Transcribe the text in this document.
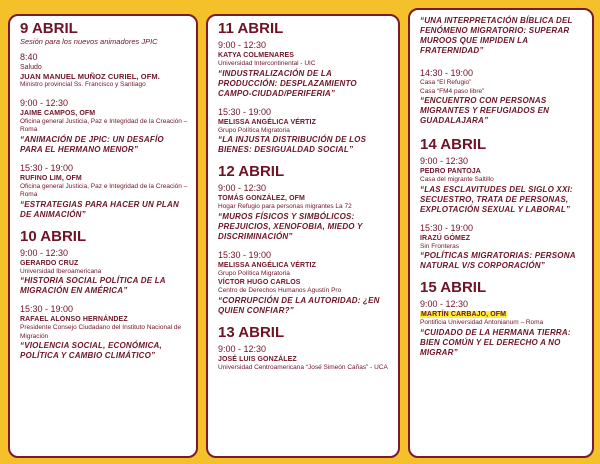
9 ABRIL
Sesión para los nuevos animadores JPIC
8:40
Saludo
JUAN MANUEL MUÑOZ CURIEL, OFM.
Ministro provincial Ss. Francisco y Santiago
9:00 - 12:30
JAIME CAMPOS, OFM
Oficina general Justicia, Paz e Integridad de la Creación – Roma
“ANIMACIÓN DE JPIC: UN DESAFÍO PARA EL HERMANO MENOR”
15:30 - 19:00
RUFINO LIM, OFM
Oficina general Justicia, Paz e Integridad de la Creación – Roma
“ESTRATEGIAS PARA HACER UN PLAN DE ANIMACIÓN”
10 ABRIL
9:00 - 12:30
GERARDO CRUZ
Universidad Iberoamericana
“HISTORIA SOCIAL POLÍTICA DE LA MIGRACIÓN EN AMÉRICA”
15:30 - 19:00
RAFAEL ALONSO HERNÁNDEZ
Presidente Consejo Ciudadano del Instituto Nacional de Migración
“VIOLENCIA SOCIAL, ECONÓMICA, POLÍTICA Y CAMBIO CLIMÁTICO”
11 ABRIL
9:00 - 12:30
KATYA COLMENARES
Universidad Intercontinental - UIC
“INDUSTRALIZACIÓN DE LA PRODUCCIÓN: DESPLAZAMIENTO CAMPO-CIUDAD/PERIFERIA”
15:30 - 19:00
MELISSA ANGÉLICA VÉRTIZ
Grupo Política Migratoria
“LA INJUSTA DISTRIBUCIÓN DE LOS BIENES: DESIGUALDAD SOCIAL”
12 ABRIL
9:00 - 12:30
TOMÁS GONZÁLEZ, OFM
Hogar Refugio para personas migrantes La 72
“MUROS FÍSICOS Y SIMBÓLICOS: PREJUICIOS, XENOFOBIA, MIEDO Y DISCRIMINACIÓN”
15:30 - 19:00
MELISSA ANGÉLICA VÉRTIZ
Grupo Política Migratoria
VÍCTOR HUGO CARLOS
Centro de Derechos Humanos Agustín Pro
“CORRUPCIÓN DE LA AUTORIDAD: ¿EN QUIEN CONFIAR?”
13 ABRIL
9:00 - 12:30
JOSÉ LUIS GONZÁLEZ
Universidad Centroamericana “José Simeón Cañas” - UCA
“UNA INTERPRETACIÓN BÍBLICA DEL FENÓMENO MIGRATORIO: SUPERAR MUROOS QUE IMPIDEN LA FRATERNIDAD”
14:30 - 19:00
Casa “El Refugio”
Casa “FM4 paso libre”
“ENCUENTRO CON PERSONAS MIGRANTES Y REFUGIADOS EN GUADALAJARA”
14 ABRIL
9:00 - 12:30
PEDRO PANTOJA
Casa del migrante Saltillo
“LAS ESCLAVITUDES DEL SIGLO XXI: SECUESTRO, TRATA DE PERSONAS, EXPLOTACIÓN SEXUAL Y LABORAL”
15:30 - 19:00
IRAZÚ GÓMEZ
Sin Fronteras
“POLÍTICAS MIGRATORIAS: PERSONA NATURAL V/S CORPORACIÓN”
15 ABRIL
9:00 - 12:30
MARTÍN CARBAJO, OFM
Pontificia Universidad Antonianum – Roma
“CUIDADO DE LA HERMANA TIERRA: BIEN COMÚN Y EL DERECHO A NO MIGRAR”
